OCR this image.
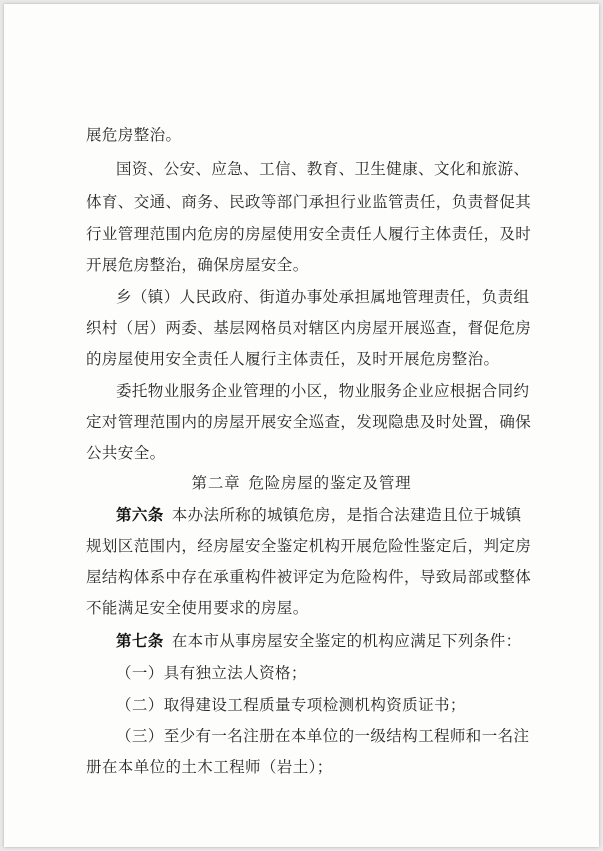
展危房整治。
国资、公安、应急、工信、教育、卫生健康、文化和旅游、
体育、交通、商务、民政等部门承担行业监管责任，负责督促其
行业管理范围内危房的房屋使用安全责任人履行主体责任，及时
开展危房整治，确保房屋安全。
乡（镇）人民政府、街道办事处承担属地管理责任，负责组
织村（居）两委、基层网格员对辖区内房屋开展巡查，督促危房
的房屋使用安全责任人履行主体责任，及时开展危房整治。
委托物业服务企业管理的小区，物业服务企业应根据合同约
定对管理范围内的房屋开展安全巡查，发现隐患及时处置，确保
公共安全。
第二章 危险房屋的鉴定及管理
第六条 本办法所称的城镇危房，是指合法建造且位于城镇
规划区范围内，经房屋安全鉴定机构开展危险性鉴定后，判定房
屋结构体系中存在承重构件被评定为危险构件，导致局部或整体
不能满足安全使用要求的房屋。
第七条 在本市从事房屋安全鉴定的机构应满足下列条件：
（一）具有独立法人资格；
（二）取得建设工程质量专项检测机构资质证书；
（三）至少有一名注册在本单位的一级结构工程师和一名注
册在本单位的土木工程师（岩土）；
